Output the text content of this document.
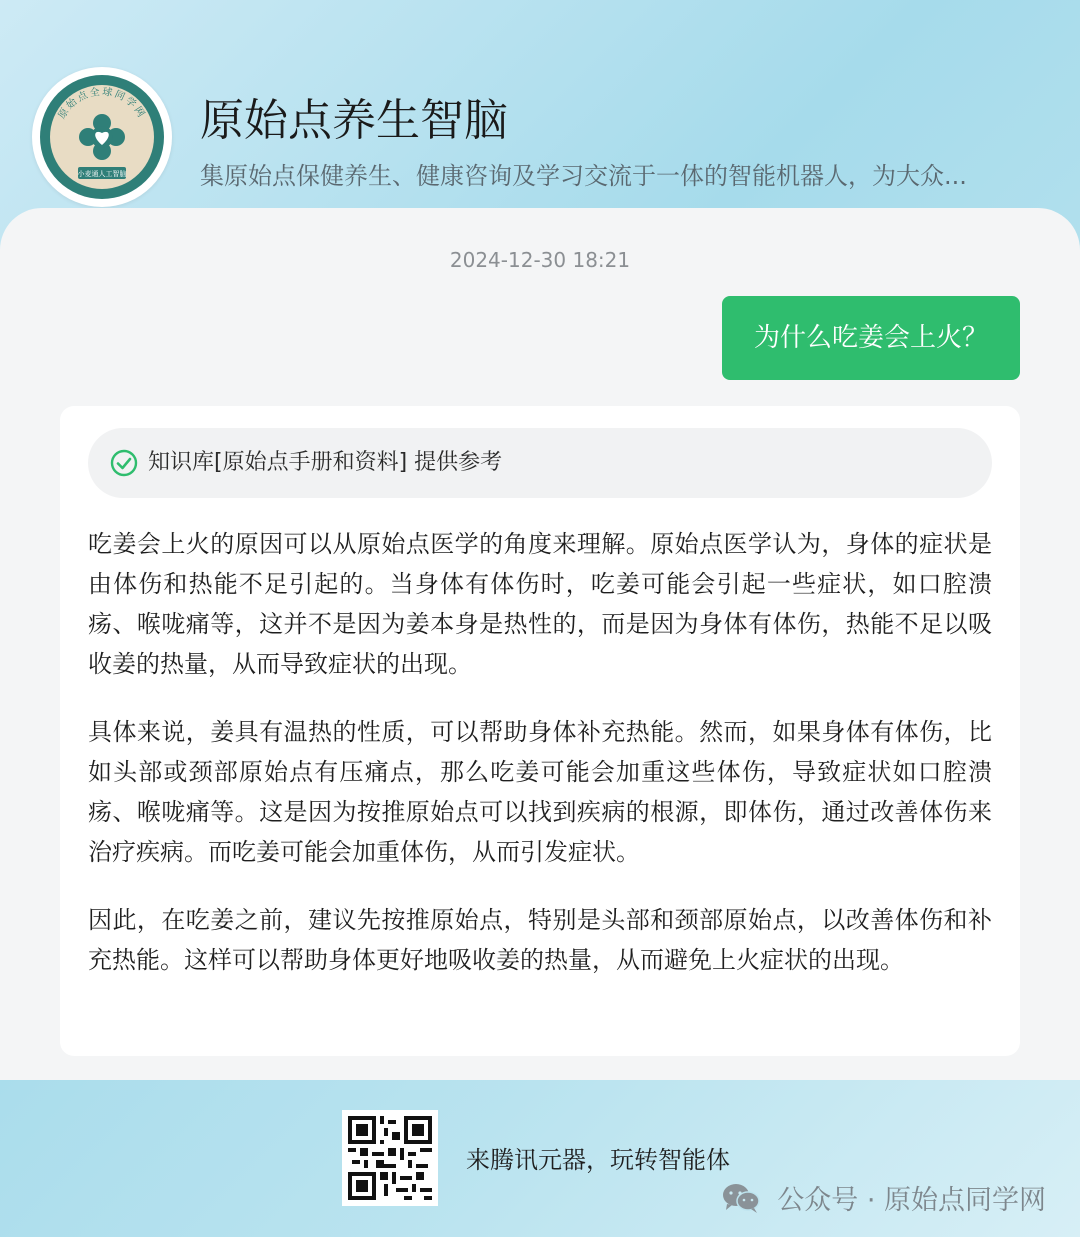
原始点全球同学网
小麦通人工智脑
原始点养生智脑
集原始点保健养生、健康咨询及学习交流于一体的智能机器人，为大众...
2024-12-30 18:21
为什么吃姜会上火？
知识库[原始点手册和资料] 提供参考

吃姜会上火的原因可以从原始点医学的角度来理解。原始点医学认为，身体的症状是由体伤和热能不足引起的。当身体有体伤时，吃姜可能会引起一些症状，如口腔溃疡、喉咙痛等，这并不是因为姜本身是热性的，而是因为身体有体伤，热能不足以吸收姜的热量，从而导致症状的出现。

具体来说，姜具有温热的性质，可以帮助身体补充热能。然而，如果身体有体伤，比如头部或颈部原始点有压痛点，那么吃姜可能会加重这些体伤，导致症状如口腔溃疡、喉咙痛等。这是因为按推原始点可以找到疾病的根源，即体伤，通过改善体伤来治疗疾病。而吃姜可能会加重体伤，从而引发症状。

因此，在吃姜之前，建议先按推原始点，特别是头部和颈部原始点，以改善体伤和补充热能。这样可以帮助身体更好地吸收姜的热量，从而避免上火症状的出现。

来腾讯元器，玩转智能体
公众号 · 原始点同学网
